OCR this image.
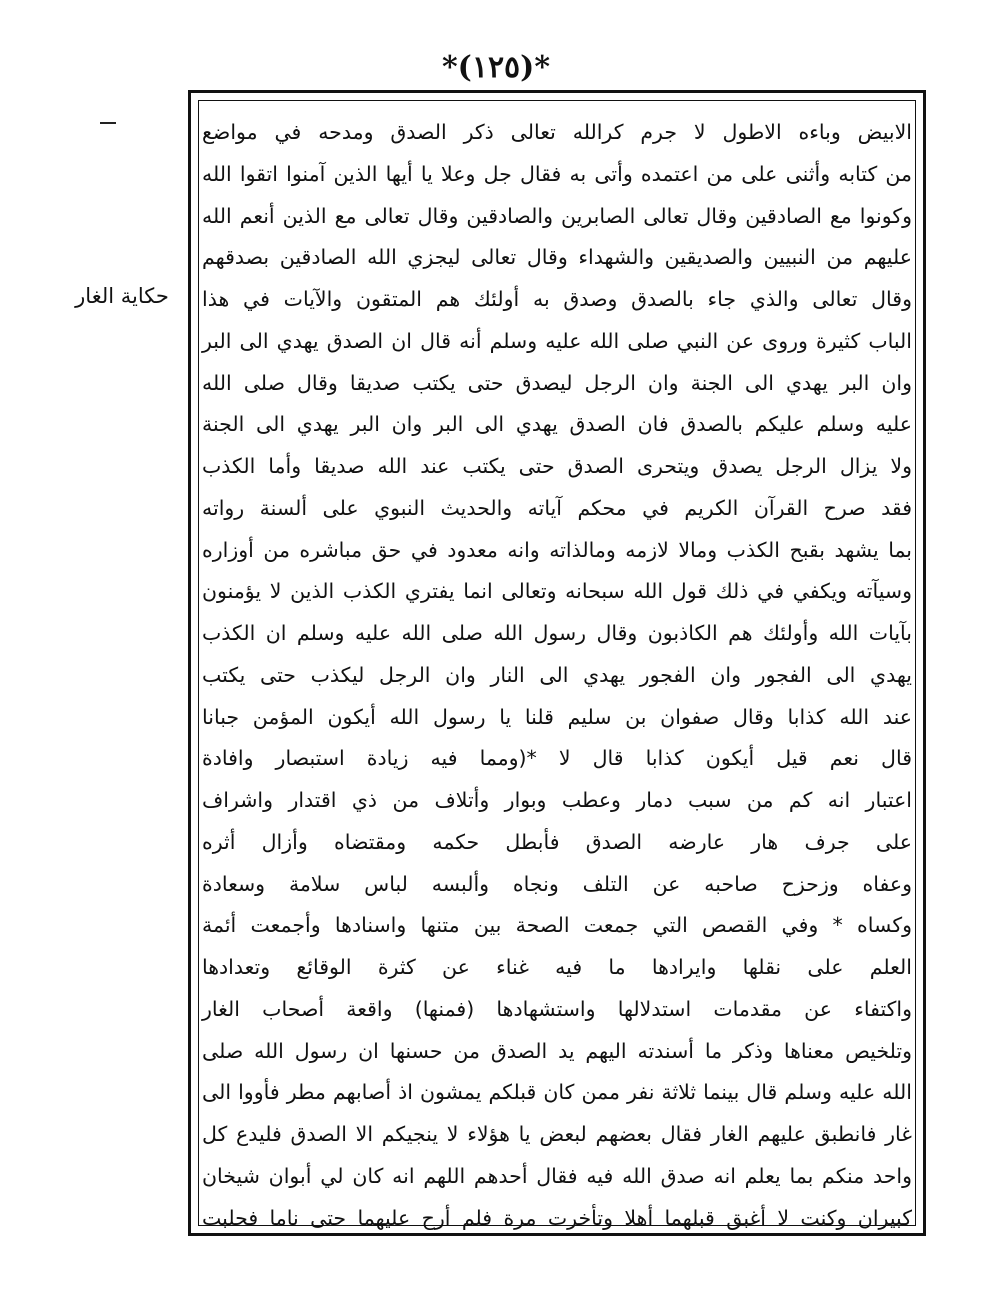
*(١٢٥)*
حكاية الغار
الابيض وباءه الاطول لا جرم كرالله تعالى ذكر الصدق ومدحه في مواضع
من كتابه وأثنى على من اعتمده وأتى به فقال جل وعلا يا أيها الذين آمنوا اتقوا الله
وكونوا مع الصادقين وقال تعالى الصابرين والصادقين وقال تعالى مع الذين أنعم الله
عليهم من النبيين والصديقين والشهداء وقال تعالى ليجزي الله الصادقين بصدقهم
وقال تعالى والذي جاء بالصدق وصدق به أولئك هم المتقون والآيات في هذا
الباب كثيرة وروى عن النبي صلى الله عليه وسلم أنه قال ان الصدق يهدي الى البر
وان البر يهدي الى الجنة وان الرجل ليصدق حتى يكتب صديقا وقال صلى الله
عليه وسلم عليكم بالصدق فان الصدق يهدي الى البر وان البر يهدي الى الجنة
ولا يزال الرجل يصدق ويتحرى الصدق حتى يكتب عند الله صديقا وأما الكذب
فقد صرح القرآن الكريم في محكم آياته والحديث النبوي على ألسنة رواته
بما يشهد بقبح الكذب ومالا لازمه ومالذاته وانه معدود في حق مباشره من أوزاره
وسيآته ويكفي في ذلك قول الله سبحانه وتعالى انما يفتري الكذب الذين لا يؤمنون
بآيات الله وأولئك هم الكاذبون وقال رسول الله صلى الله عليه وسلم ان الكذب
يهدي الى الفجور وان الفجور يهدي الى النار وان الرجل ليكذب حتى يكتب
عند الله كذابا وقال صفوان بن سليم قلنا يا رسول الله أيكون المؤمن جبانا
قال نعم قيل أيكون كذابا قال لا *(ومما فيه زيادة استبصار وافادة
اعتبار انه كم من سبب دمار وعطب وبوار وأتلاف من ذي اقتدار واشراف
على جرف هار عارضه الصدق فأبطل حكمه ومقتضاه وأزال أثره
وعفاه وزحزح صاحبه عن التلف ونجاه وألبسه لباس سلامة وسعادة
وكساه * وفي القصص التي جمعت الصحة بين متنها واسنادها وأجمعت أئمة
العلم على نقلها وايرادها ما فيه غناء عن كثرة الوقائع وتعدادها
واكتفاء عن مقدمات استدلالها واستشهادها (فمنها) واقعة أصحاب الغار
وتلخيص معناها وذكر ما أسندته اليهم يد الصدق من حسنها ان رسول الله صلى
الله عليه وسلم قال بينما ثلاثة نفر ممن كان قبلكم يمشون اذ أصابهم مطر فأووا الى
غار فانطبق عليهم الغار فقال بعضهم لبعض يا هؤلاء لا ينجيكم الا الصدق فليدع كل
واحد منكم بما يعلم انه صدق الله فيه فقال أحدهم اللهم انه كان لي أبوان شيخان
كبيران وكنت لا أغبق قبلهما أهلا وتأخرت مرة فلم أرح عليهما حتى ناما فحلبت
